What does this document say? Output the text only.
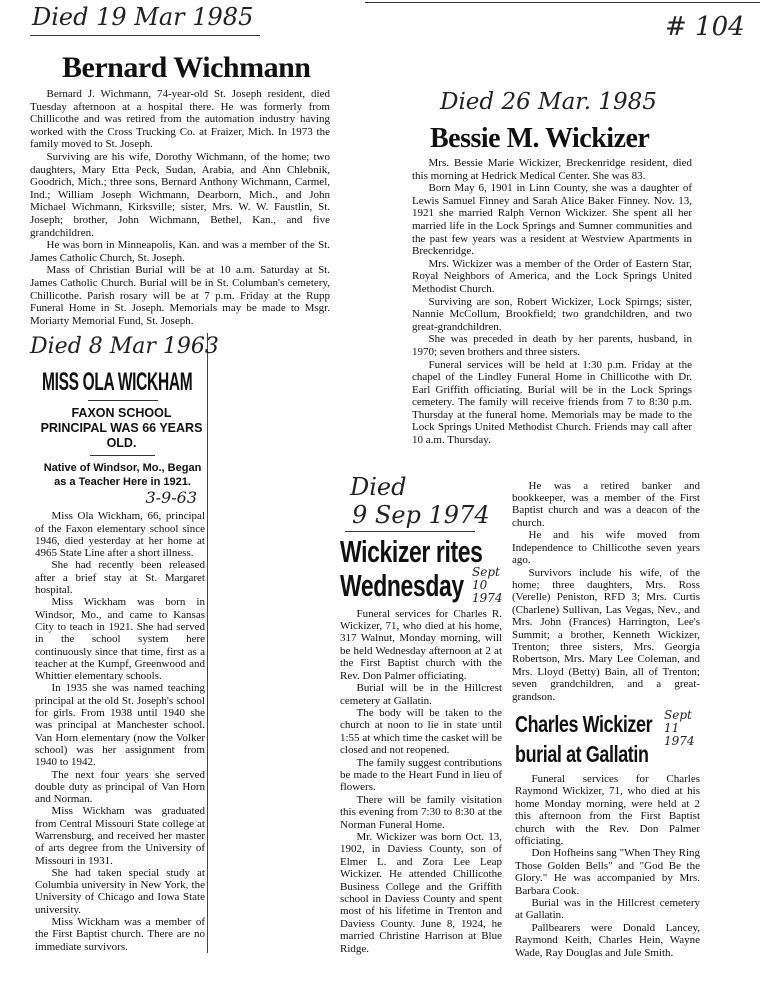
# 104
Died 19 Mar 1985
Bernard Wichmann

Bernard J. Wichmann, 74-year-old St. Joseph resident, died Tuesday afternoon at a hospital there. He was formerly from Chillicothe and was retired from the automation industry having worked with the Cross Trucking Co. at Fraizer, Mich. In 1973 the family moved to St. Joseph.

Surviving are his wife, Dorothy Wichmann, of the home; two daughters, Mary Etta Peck, Sudan, Arabia, and Ann Chlebnik, Goodrich, Mich.; three sons, Bernard Anthony Wichmann, Carmel, Ind.; William Joseph Wichmann, Dearborn, Mich., and John Michael Wichmann, Kirksville; sister, Mrs. W. W. Faustlin, St. Joseph; brother, John Wichmann, Bethel, Kan., and five grandchildren.

He was born in Minneapolis, Kan. and was a member of the St. James Catholic Church, St. Joseph.

Mass of Christian Burial will be at 10 a.m. Saturday at St. James Catholic Church. Burial will be in St. Columban's cemetery, Chillicothe. Parish rosary will be at 7 p.m. Friday at the Rupp Funeral Home in St. Joseph. Memorials may be made to Msgr. Moriarty Memorial Fund, St. Joseph.

Died 8 Mar 1963
MISS OLA WICKHAM
FAXON SCHOOL PRINCIPAL WAS 66 YEARS OLD.
Native of Windsor, Mo., Began as a Teacher Here in 1921.
3-9-63

Miss Ola Wickham, 66, principal of the Faxon elementary school since 1946, died yesterday at her home at 4965 State Line after a short illness.

She had recently been released after a brief stay at St. Margaret hospital.

Miss Wickham was born in Windsor, Mo., and came to Kansas City to teach in 1921. She had served in the school system here continuously since that time, first as a teacher at the Kumpf, Greenwood and Whittier elementary schools.

In 1935 she was named teaching principal at the old St. Joseph's school for girls. From 1938 until 1940 she was principal at Manchester school. Van Horn elementary (now the Volker school) was her assignment from 1940 to 1942.

The next four years she served double duty as principal of Van Horn and Norman.

Miss Wickham was graduated from Central Missouri State college at Warrensburg, and received her master of arts degree from the University of Missouri in 1931.

She had taken special study at Columbia university in New York, the University of Chicago and Iowa State university.

Miss Wickham was a member of the First Baptist church. There are no immediate survivors.

Died 26 Mar. 1985
Bessie M. Wickizer

Mrs. Bessie Marie Wickizer, Breckenridge resident, died this morning at Hedrick Medical Center. She was 83.

Born May 6, 1901 in Linn County, she was a daughter of Lewis Samuel Finney and Sarah Alice Baker Finney. Nov. 13, 1921 she married Ralph Vernon Wickizer. She spent all her married life in the Lock Springs and Sumner communities and the past few years was a resident at Westview Apartments in Breckenridge.

Mrs. Wickizer was a member of the Order of Eastern Star, Royal Neighbors of America, and the Lock Springs United Methodist Church.

Surviving are son, Robert Wickizer, Lock Spirngs; sister, Nannie McCollum, Brookfield; two grandchildren, and two great-grandchildren.

She was preceded in death by her parents, husband, in 1970; seven brothers and three sisters.

Funeral services will be held at 1:30 p.m. Friday at the chapel of the Lindley Funeral Home in Chillicothe with Dr. Earl Griffith officiating. Burial will be in the Lock Springs cemetery. The family will receive friends from 7 to 8:30 p.m. Thursday at the funeral home. Memorials may be made to the Lock Springs United Methodist Church. Friends may call after 10 a.m. Thursday.

Died
9 Sep 1974
Wickizer rites
Wednesday Sept 10 1974

Funeral services for Charles R. Wickizer, 71, who died at his home, 317 Walnut, Monday morning, will be held Wednesday afternoon at 2 at the First Baptist church with the Rev. Don Palmer officiating.

Burial will be in the Hillcrest cemetery at Gallatin.

The body will be taken to the church at noon to lie in state until 1:55 at which time the casket will be closed and not reopened.

The family suggest contributions be made to the Heart Fund in lieu of flowers.

There will be family visitation this evening from 7:30 to 8:30 at the Norman Funeral Home.

Mr. Wickizer was born Oct. 13, 1902, in Daviess County, son of Elmer L. and Zora Lee Leap Wickizer. He attended Chillicothe Business College and the Griffith school in Daviess County and spent most of his lifetime in Trenton and Daviess County. June 8, 1924, he married Christine Harrison at Blue Ridge.

He was a retired banker and bookkeeper, was a member of the First Baptist church and was a deacon of the church.

He and his wife moved from Independence to Chillicothe seven years ago.

Survivors include his wife, of the home; three daughters, Mrs. Ross (Verelle) Peniston, RFD 3; Mrs. Curtis (Charlene) Sullivan, Las Vegas, Nev., and Mrs. John (Frances) Harrington, Lee's Summit; a brother, Kenneth Wickizer, Trenton; three sisters, Mrs. Georgia Robertson, Mrs. Mary Lee Coleman, and Mrs. Lloyd (Betty) Bain, all of Trenton; seven grandchildren, and a great-grandson.

Charles Wickizer
burial at Gallatin
Sept 11 1974

Funeral services for Charles Raymond Wickizer, 71, who died at his home Monday morning, were held at 2 this afternoon from the First Baptist church with the Rev. Don Palmer officiating.

Don Hofheins sang "When They Ring Those Golden Bells" and "God Be the Glory." He was accompanied by Mrs. Barbara Cook.

Burial was in the Hillcrest cemetery at Gallatin.

Pallbearers were Donald Lancey, Raymond Keith, Charles Hein, Wayne Wade, Ray Douglas and Jule Smith.
